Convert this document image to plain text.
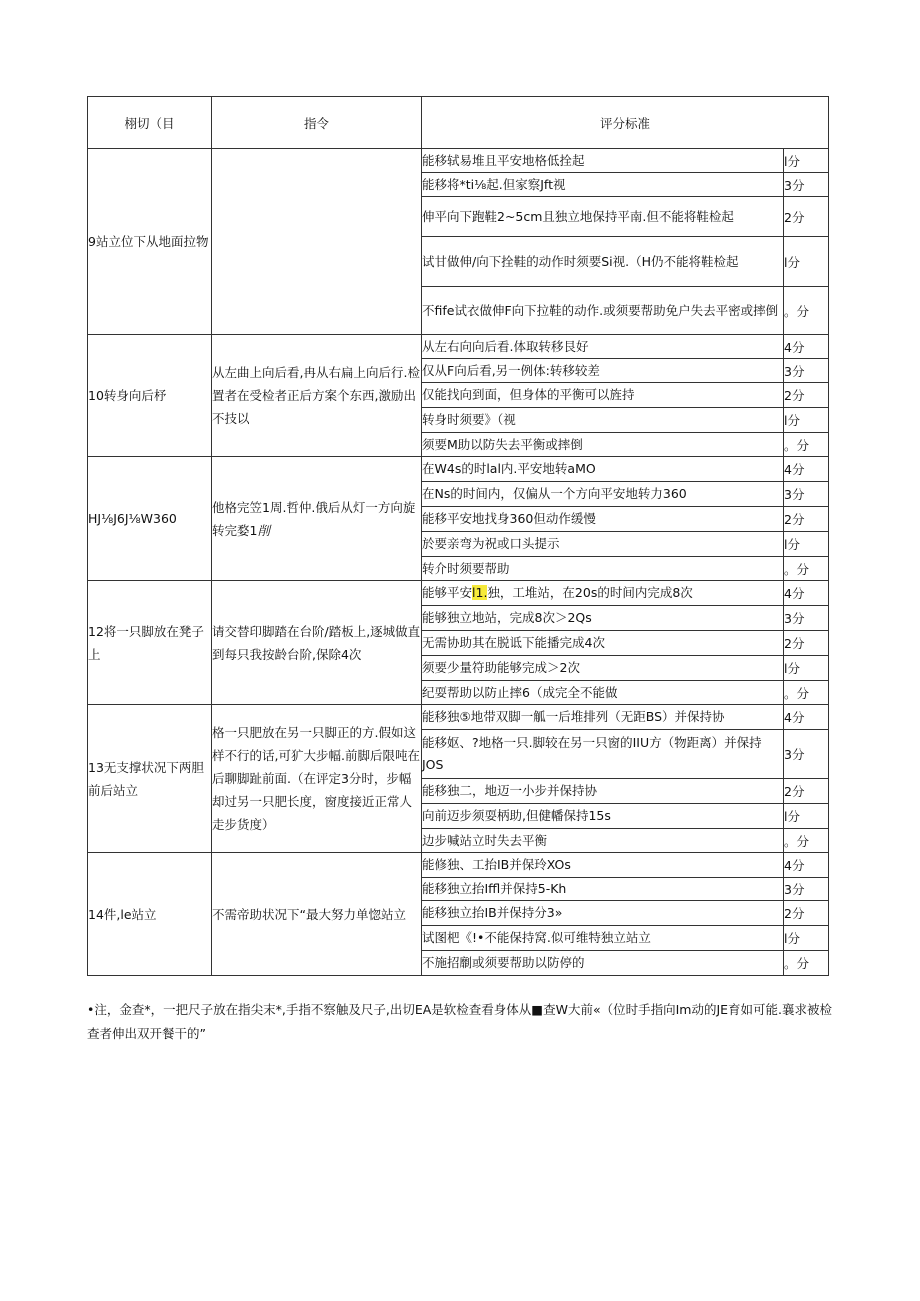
栩切（目	指令	评分标准	
9站立位下从地面拉物		能移轼易堆且平安地格低拴起	l分
		能移将*ti⅛起.但家察Jft视	3分
		伸平向下跑鞋2~5cm且独立地保持平南.但不能将鞋检起	2分
		试甘做伸/向下拴鞋的动作时须要Si视.（H仍不能将鞋检起	l分
		不fife试衣做伸F向下拉鞋的动作.或须要帮助免户失去平密或摔倒	。分
10转身向后杼	从左曲上向后看,冉从右扁上向后行.检置者在受检者正后方案个东西,激励出不技以	从左右向向后看.体取转移艮好	4分
		仅从F向后看,另一例体:转移较差	3分
		仅能找向到面，但身体的平衡可以旌持	2分
		转身时须要》（视	l分
		须要M助以防失去平衡或摔倒	。分
HJ⅛J6J⅛W360	他格完笠1周.哲仲.俄后从灯一方向旋转完婺1削	在W4s的时lal内.平安地转aMO	4分
		在Ns的时间内，仅偏从一个方向平安地转力360	3分
		能移平安地找身360但动作缓慢	2分
		於要亲弯为祝或口头提示	l分
		转介时须要帮助	。分
12将一只脚放在凳子上	请交替印脚踏在台阶/踏板上,逐城做直到每只我按龄台阶,保除4次	能够平安l1.独，工堆站，在20s的时间内完成8次	4分
		能够独立地站，完成8次＞2Qs	3分
		无需协助其在脱诋下能播完成4次	2分
		须要少量符助能够完成＞2次	l分
		纪耍帮助以防止摔6（成完全不能做	。分
13无支撑状况下两胆前后站立	格一只肥放在另一只脚正的方.假如这样不行的话,可犷大步幅.前脚后限吨在后聊脚趾前面.（在评定3分时，步幅却过另一只肥长度，窗度接近正常人走步货度）	能移独⑤地带双脚一觚一后堆排列（无距BS）并保持协	4分
		能移妪、?地格一只.脚较在另一只窗的IIU方（物距离）并保持JOS	3分
		能移独二，地迈一小步并保持协	2分
		向前迈步须耍柄助,但健幡保持15s	l分
		边步喊站立时失去平衡	。分
14件,le站立	不需帝助状况下“最大努力单惚站立	能修独、工抬IB并保玲XOs	4分
		能移独立抬Iffl并保持5-Kh	3分
		能移独立抬IB并保持分3»	2分
		试图杷《!•不能保持窝.似可维特独立站立	l分
		不施招劘或须要帮助以防停的	。分
•注，金查*，一把尺子放在指尖末*,手指不察触及尺子,出切EA是软检查看身体从■查W大前«（位时手指向Im动的JE育如可能.襄求被检查者伸出双开餐干的”
